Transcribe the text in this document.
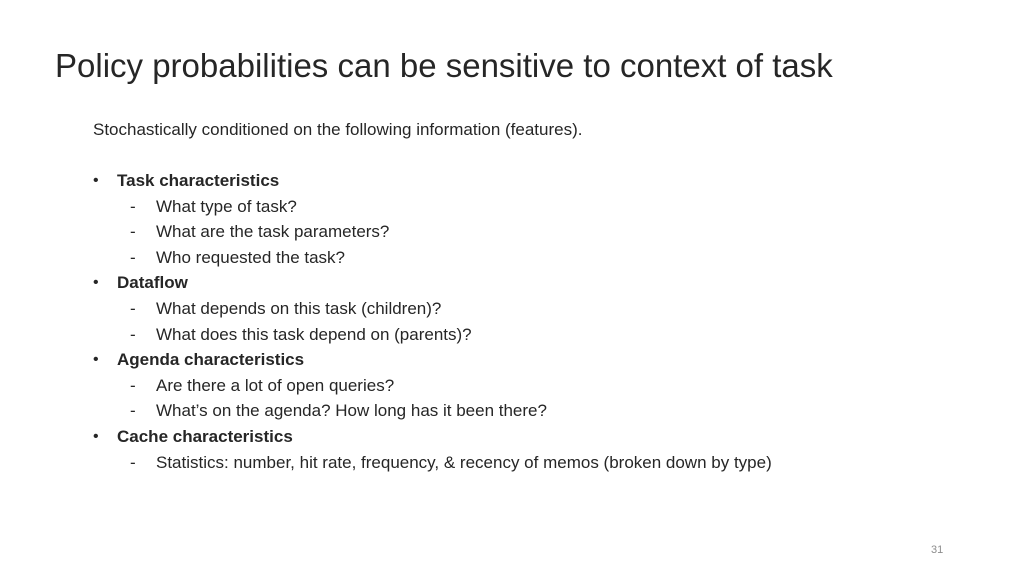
Policy probabilities can be sensitive to context of task
Stochastically conditioned on the following information (features).
•	Task characteristics
- What type of task?
- What are the task parameters?
- Who requested the task?
•	Dataflow
- What depends on this task (children)?
- What does this task depend on (parents)?
•	Agenda characteristics
- Are there a lot of open queries?
- What’s on the agenda? How long has it been there?
•	Cache characteristics
- Statistics: number, hit rate, frequency, & recency of memos (broken down by type)
31
